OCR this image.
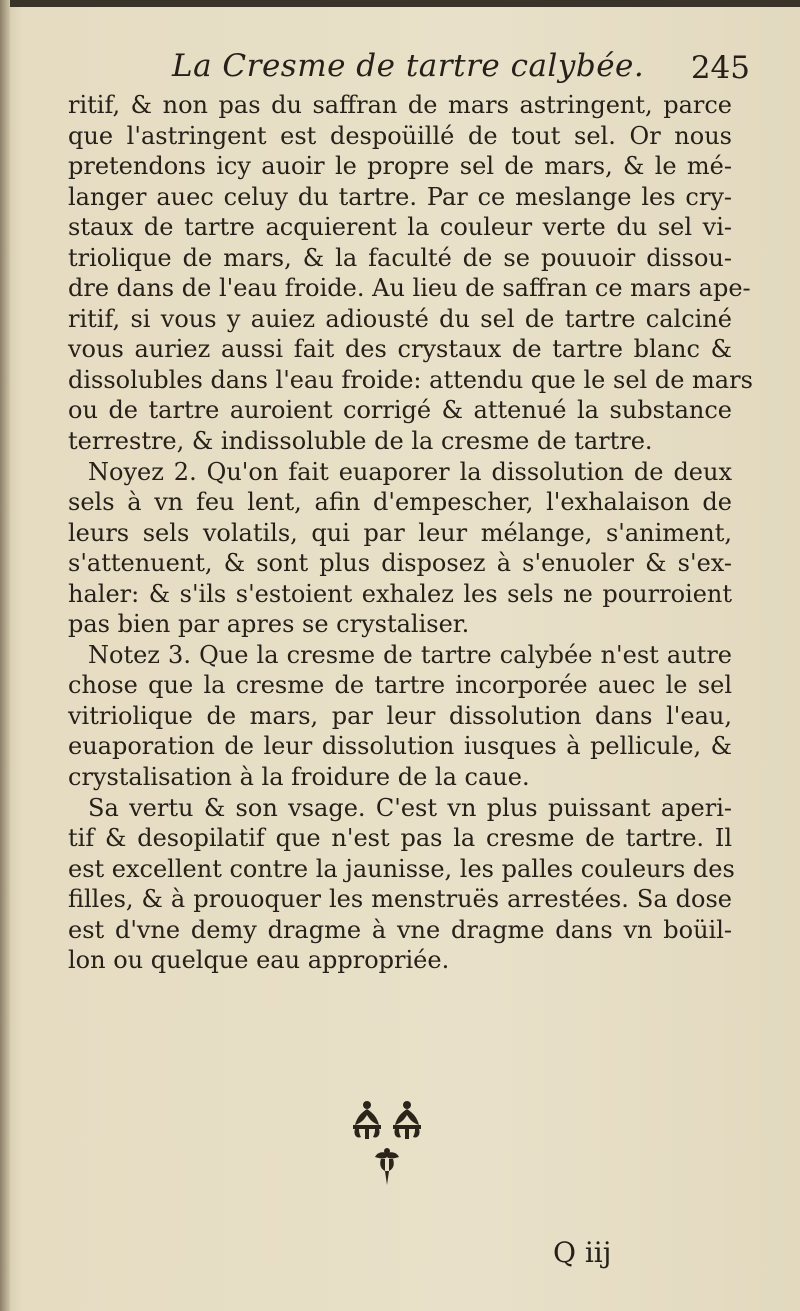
La Cresme de tartre calybée. 245
ritif, & non pas du saffran de mars astringent, parce
que l'astringent est despoüillé de tout sel. Or nous
pretendons icy auoir le propre sel de mars, & le mé-
langer auec celuy du tartre. Par ce meslange les cry-
staux de tartre acquierent la couleur verte du sel vi-
triolique de mars, & la faculté de se pouuoir dissou-
dre dans de l'eau froide. Au lieu de saffran ce mars ape-
ritif, si vous y auiez adiousté du sel de tartre calciné
vous auriez aussi fait des crystaux de tartre blanc &
dissolubles dans l'eau froide: attendu que le sel de mars
ou de tartre auroient corrigé & attenué la substance
terrestre, & indissoluble de la cresme de tartre.
Noyez 2. Qu'on fait euaporer la dissolution de deux
sels à vn feu lent, afin d'empescher, l'exhalaison de
leurs sels volatils, qui par leur mélange, s'animent,
s'attenuent, & sont plus disposez à s'enuoler & s'ex-
haler: & s'ils s'estoient exhalez les sels ne pourroient
pas bien par apres se crystaliser.
Notez 3. Que la cresme de tartre calybée n'est autre
chose que la cresme de tartre incorporée auec le sel
vitriolique de mars, par leur dissolution dans l'eau,
euaporation de leur dissolution iusques à pellicule, &
crystalisation à la froidure de la caue.
Sa vertu & son vsage. C'est vn plus puissant aperi-
tif & desopilatif que n'est pas la cresme de tartre. Il
est excellent contre la jaunisse, les palles couleurs des
filles, & à prouoquer les menstruës arrestées. Sa dose
est d'vne demy dragme à vne dragme dans vn boüil-
lon ou quelque eau appropriée.
Q iij
